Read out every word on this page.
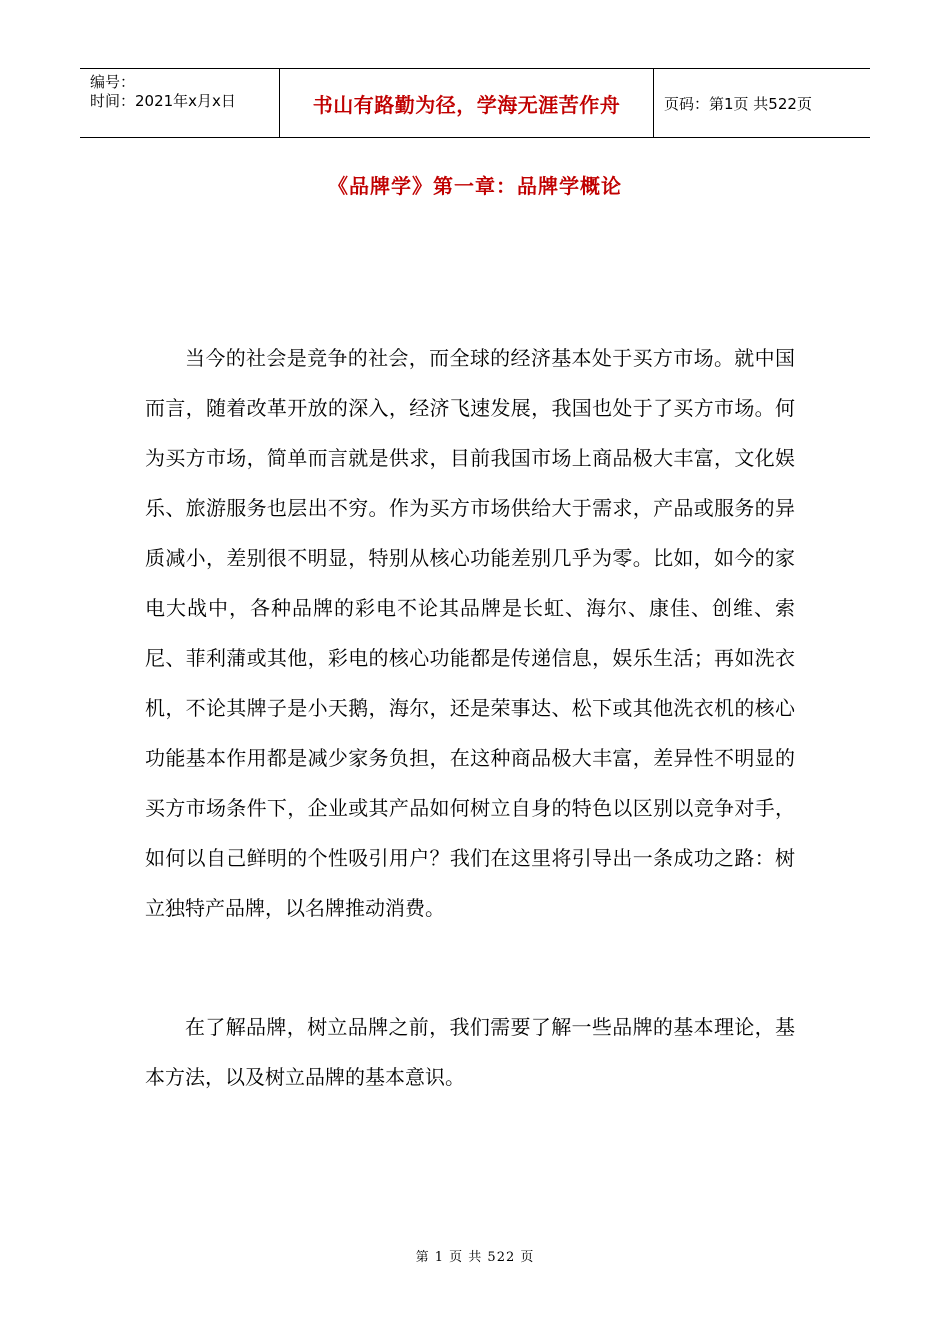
编号：
时间：2021年x月x日	书山有路勤为径，学海无涯苦作舟	页码：第1页 共522页
《品牌学》第一章：品牌学概论

当今的社会是竞争的社会，而全球的经济基本处于买方市场。就中国而言，随着改革开放的深入，经济飞速发展，我国也处于了买方市场。何为买方市场，简单而言就是供求，目前我国市场上商品极大丰富，文化娱乐、旅游服务也层出不穷。作为买方市场供给大于需求，产品或服务的异质减小，差别很不明显，特别从核心功能差别几乎为零。比如，如今的家电大战中，各种品牌的彩电不论其品牌是长虹、海尔、康佳、创维、索尼、菲利蒲或其他，彩电的核心功能都是传递信息，娱乐生活；再如洗衣机，不论其牌子是小天鹅，海尔，还是荣事达、松下或其他洗衣机的核心功能基本作用都是减少家务负担，在这种商品极大丰富，差异性不明显的买方市场条件下，企业或其产品如何树立自身的特色以区别以竞争对手，如何以自己鲜明的个性吸引用户？我们在这里将引导出一条成功之路：树立独特产品牌，以名牌推动消费。

在了解品牌，树立品牌之前，我们需要了解一些品牌的基本理论，基本方法，以及树立品牌的基本意识。

第 1 页 共 522 页
